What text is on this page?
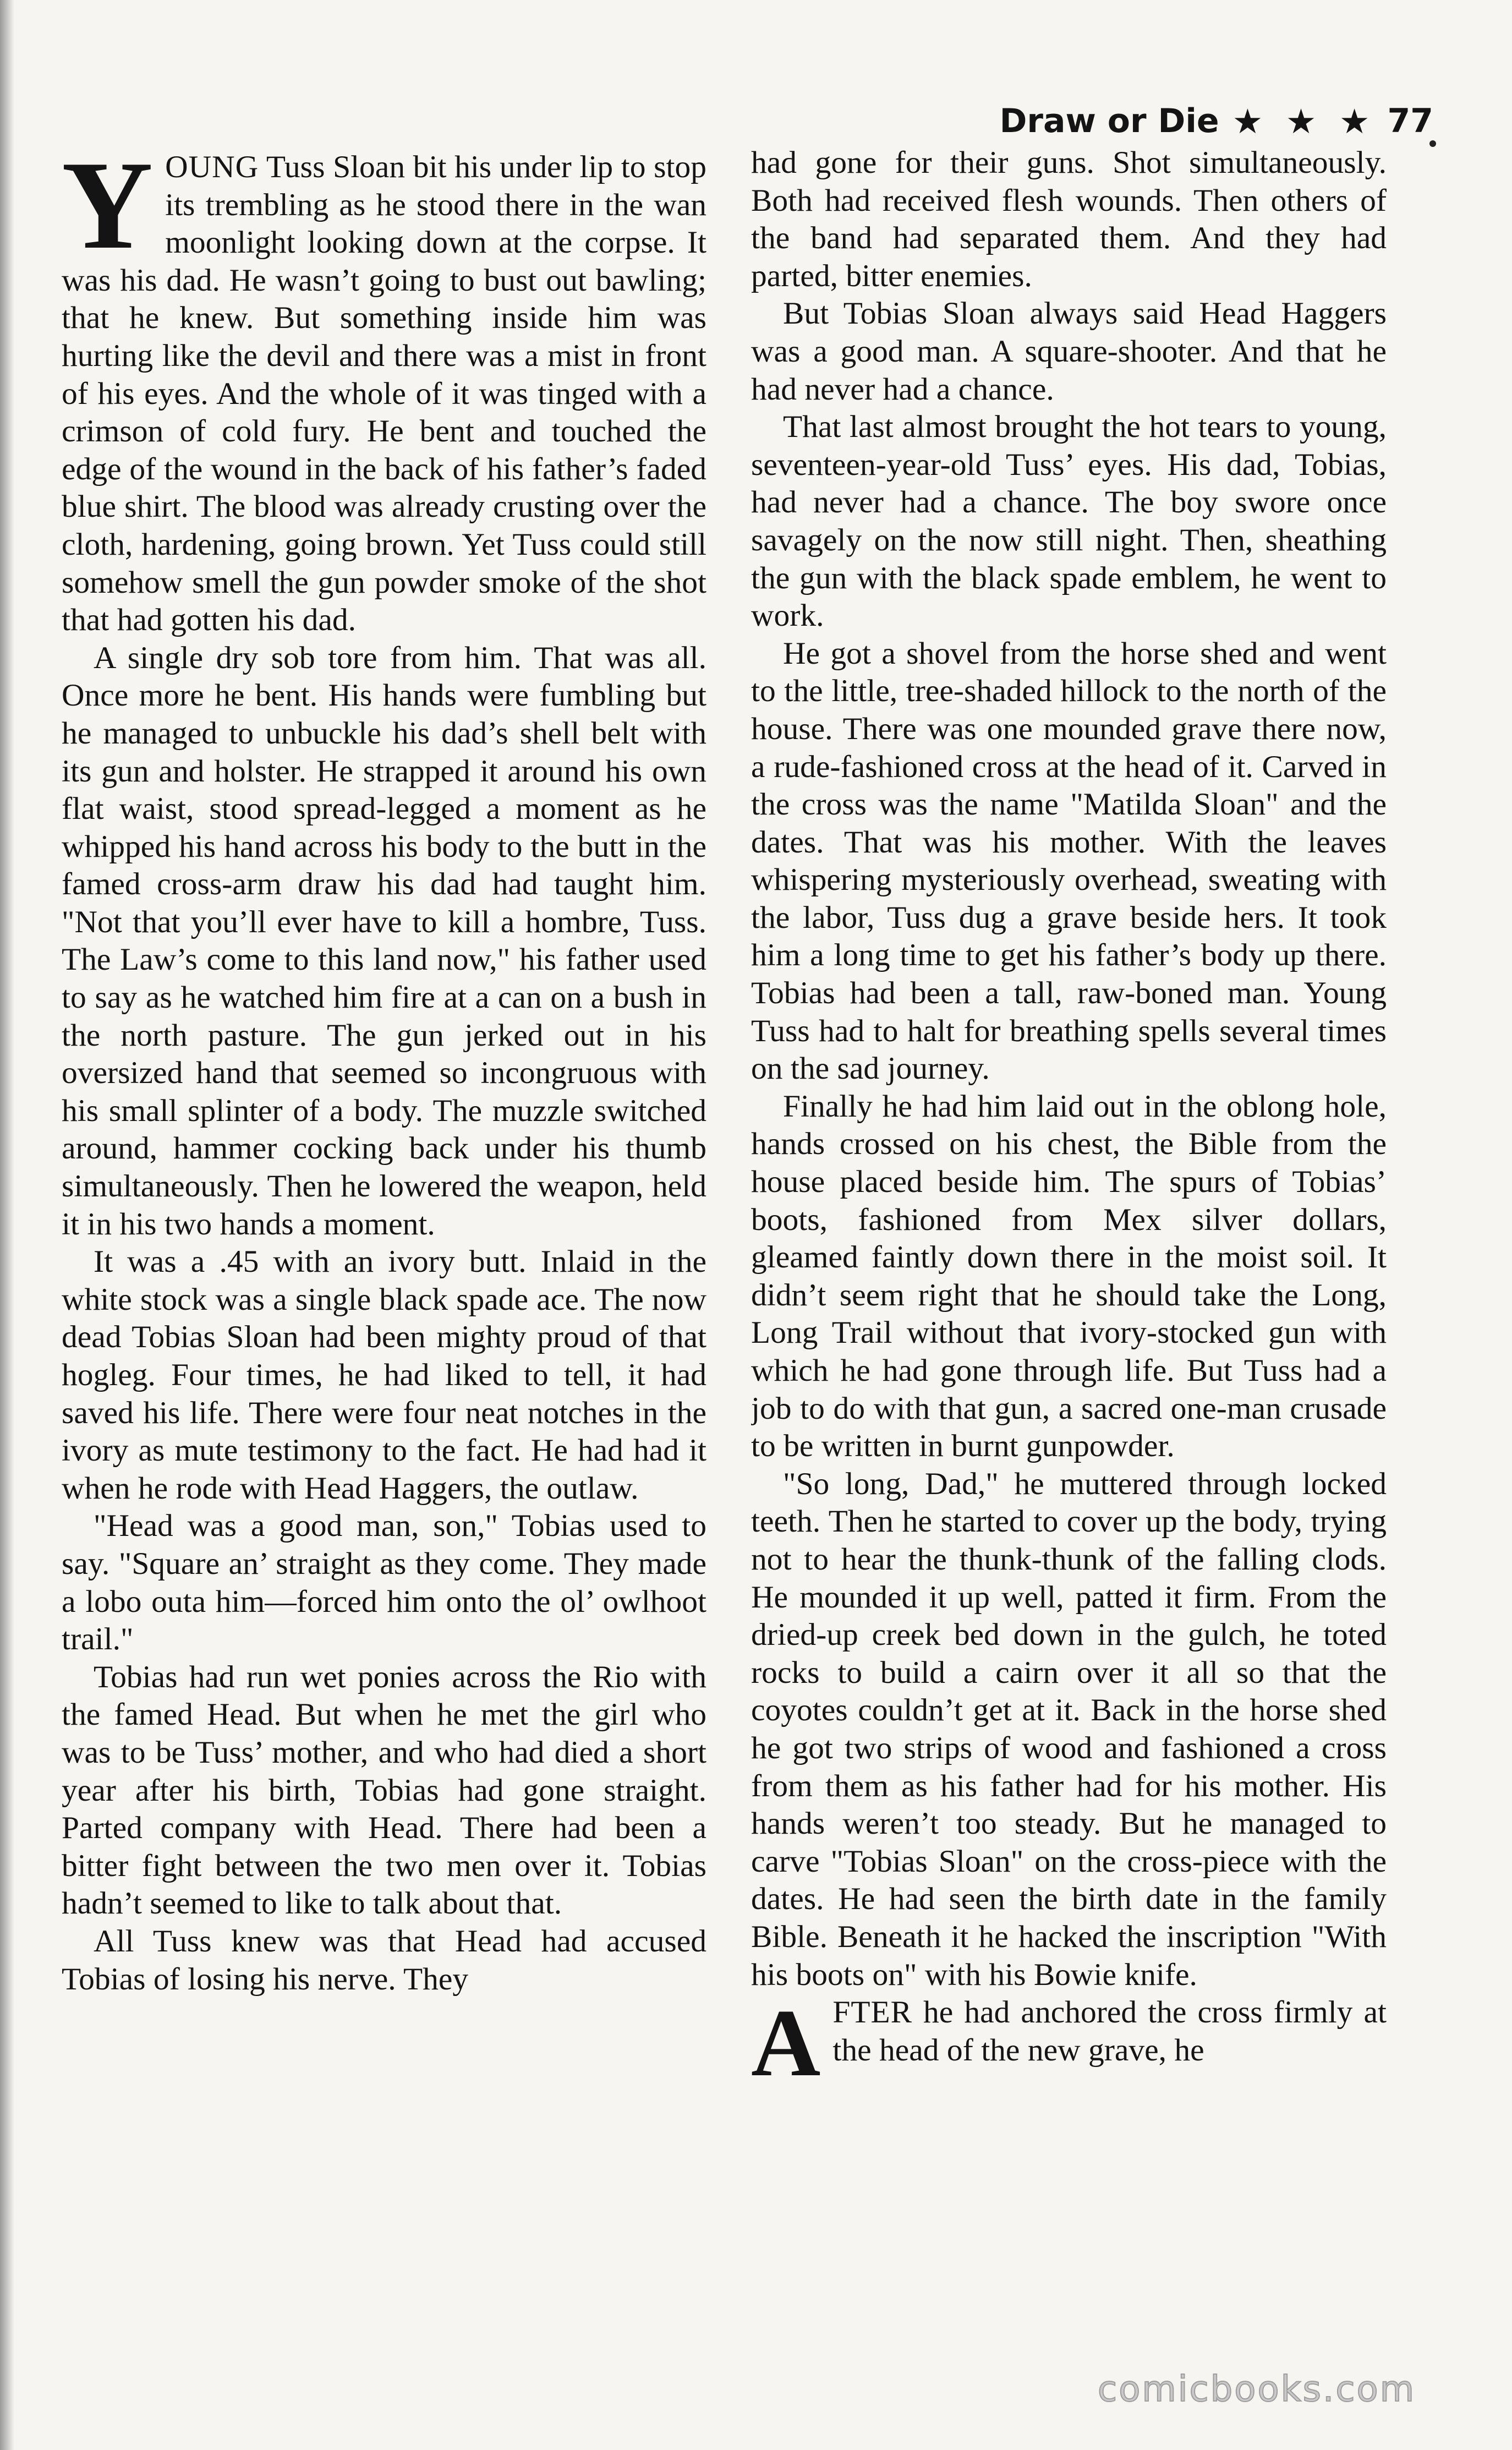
Draw or Die ★ ★ ★ 77

YOUNG Tuss Sloan bit his under lip to stop its trembling as he stood there in the wan moonlight looking down at the corpse. It was his dad. He wasn’t going to bust out bawling; that he knew. But something inside him was hurting like the devil and there was a mist in front of his eyes. And the whole of it was tinged with a crimson of cold fury. He bent and touched the edge of the wound in the back of his father’s faded blue shirt. The blood was already crusting over the cloth, hardening, going brown. Yet Tuss could still somehow smell the gun powder smoke of the shot that had gotten his dad.

A single dry sob tore from him. That was all. Once more he bent. His hands were fumbling but he managed to unbuckle his dad’s shell belt with its gun and holster. He strapped it around his own flat waist, stood spread-legged a moment as he whipped his hand across his body to the butt in the famed cross-arm draw his dad had taught him. "Not that you’ll ever have to kill a hombre, Tuss. The Law’s come to this land now," his father used to say as he watched him fire at a can on a bush in the north pasture. The gun jerked out in his oversized hand that seemed so incongruous with his small splinter of a body. The muzzle switched around, hammer cocking back under his thumb simultaneously. Then he lowered the weapon, held it in his two hands a moment.

It was a .45 with an ivory butt. Inlaid in the white stock was a single black spade ace. The now dead Tobias Sloan had been mighty proud of that hogleg. Four times, he had liked to tell, it had saved his life. There were four neat notches in the ivory as mute testimony to the fact. He had had it when he rode with Head Haggers, the outlaw.

"Head was a good man, son," Tobias used to say. "Square an’ straight as they come. They made a lobo outa him—forced him onto the ol’ owlhoot trail."

Tobias had run wet ponies across the Rio with the famed Head. But when he met the girl who was to be Tuss’ mother, and who had died a short year after his birth, Tobias had gone straight. Parted company with Head. There had been a bitter fight between the two men over it. Tobias hadn’t seemed to like to talk about that.

All Tuss knew was that Head had accused Tobias of losing his nerve. They

had gone for their guns. Shot simultaneously. Both had received flesh wounds. Then others of the band had separated them. And they had parted, bitter enemies.

But Tobias Sloan always said Head Haggers was a good man. A square-shooter. And that he had never had a chance.

That last almost brought the hot tears to young, seventeen-year-old Tuss’ eyes. His dad, Tobias, had never had a chance. The boy swore once savagely on the now still night. Then, sheathing the gun with the black spade emblem, he went to work.

He got a shovel from the horse shed and went to the little, tree-shaded hillock to the north of the house. There was one mounded grave there now, a rude-fashioned cross at the head of it. Carved in the cross was the name "Matilda Sloan" and the dates. That was his mother. With the leaves whispering mysteriously overhead, sweating with the labor, Tuss dug a grave beside hers. It took him a long time to get his father’s body up there. Tobias had been a tall, raw-boned man. Young Tuss had to halt for breathing spells several times on the sad journey.

Finally he had him laid out in the oblong hole, hands crossed on his chest, the Bible from the house placed beside him. The spurs of Tobias’ boots, fashioned from Mex silver dollars, gleamed faintly down there in the moist soil. It didn’t seem right that he should take the Long, Long Trail without that ivory-stocked gun with which he had gone through life. But Tuss had a job to do with that gun, a sacred one-man crusade to be written in burnt gunpowder.

"So long, Dad," he muttered through locked teeth. Then he started to cover up the body, trying not to hear the thunk-thunk of the falling clods. He mounded it up well, patted it firm. From the dried-up creek bed down in the gulch, he toted rocks to build a cairn over it all so that the coyotes couldn’t get at it. Back in the horse shed he got two strips of wood and fashioned a cross from them as his father had for his mother. His hands weren’t too steady. But he managed to carve "Tobias Sloan" on the cross-piece with the dates. He had seen the birth date in the family Bible. Beneath it he hacked the inscription "With his boots on" with his Bowie knife.

AFTER he had anchored the cross firmly at the head of the new grave, he

comicbooks.com
